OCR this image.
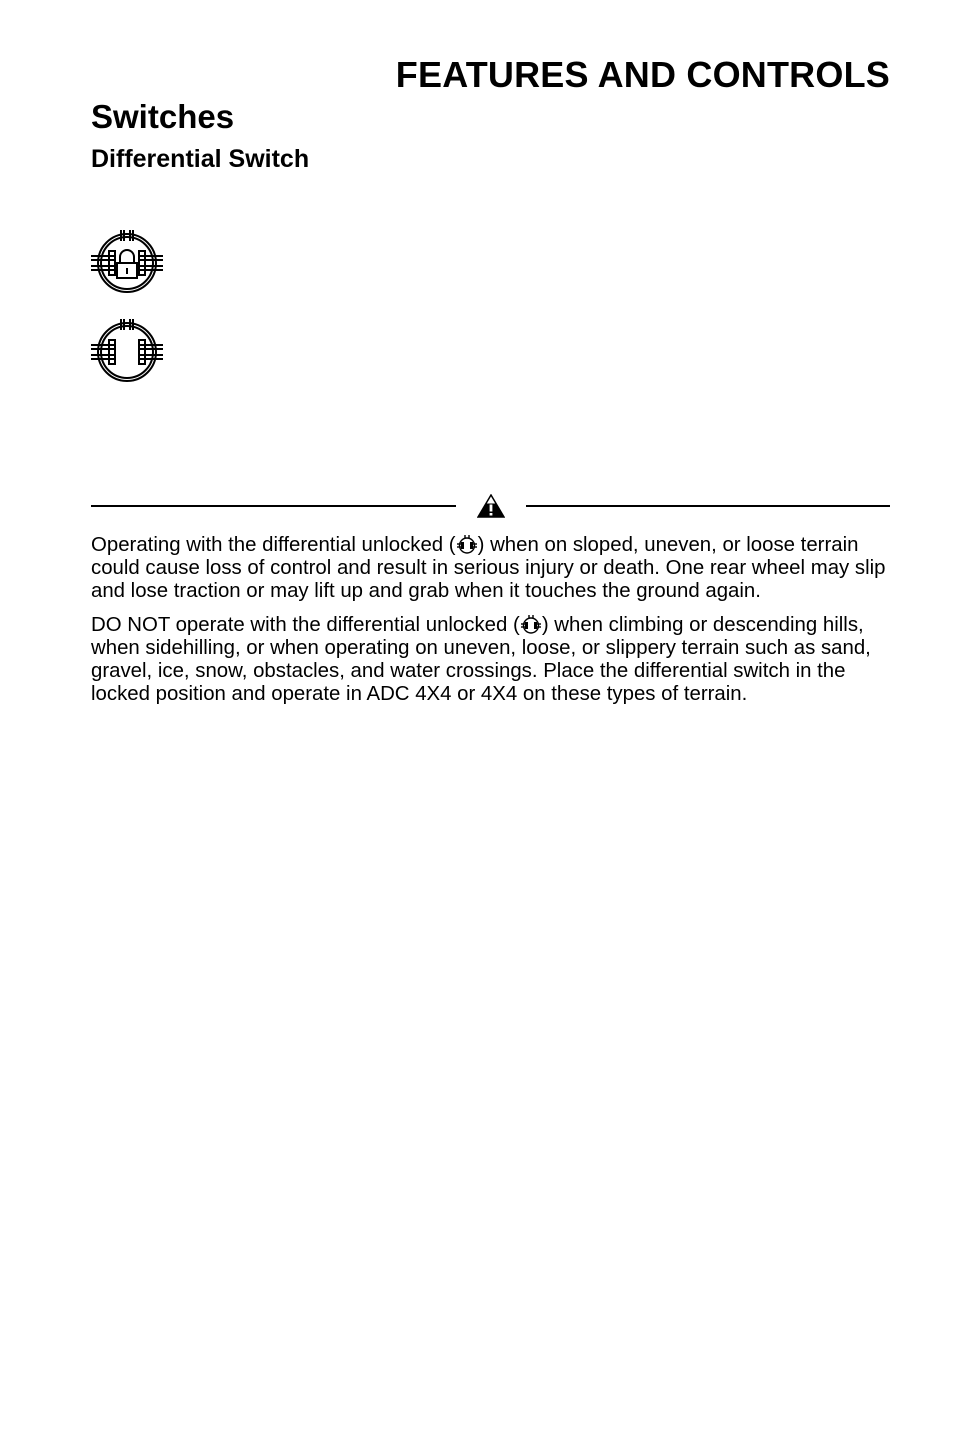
FEATURES AND CONTROLS
Switches
Differential Switch

Operating with the differential unlocked ( ) when on sloped, uneven, or loose terrain could cause loss of control and result in serious injury or death. One rear wheel may slip and lose traction or may lift up and grab when it touches the ground again.

DO NOT operate with the differential unlocked ( ) when climbing or descending hills, when sidehilling, or when operating on uneven, loose, or slippery terrain such as sand, gravel, ice, snow, obstacles, and water crossings. Place the differential switch in the locked position and operate in ADC 4X4 or 4X4 on these types of terrain.
